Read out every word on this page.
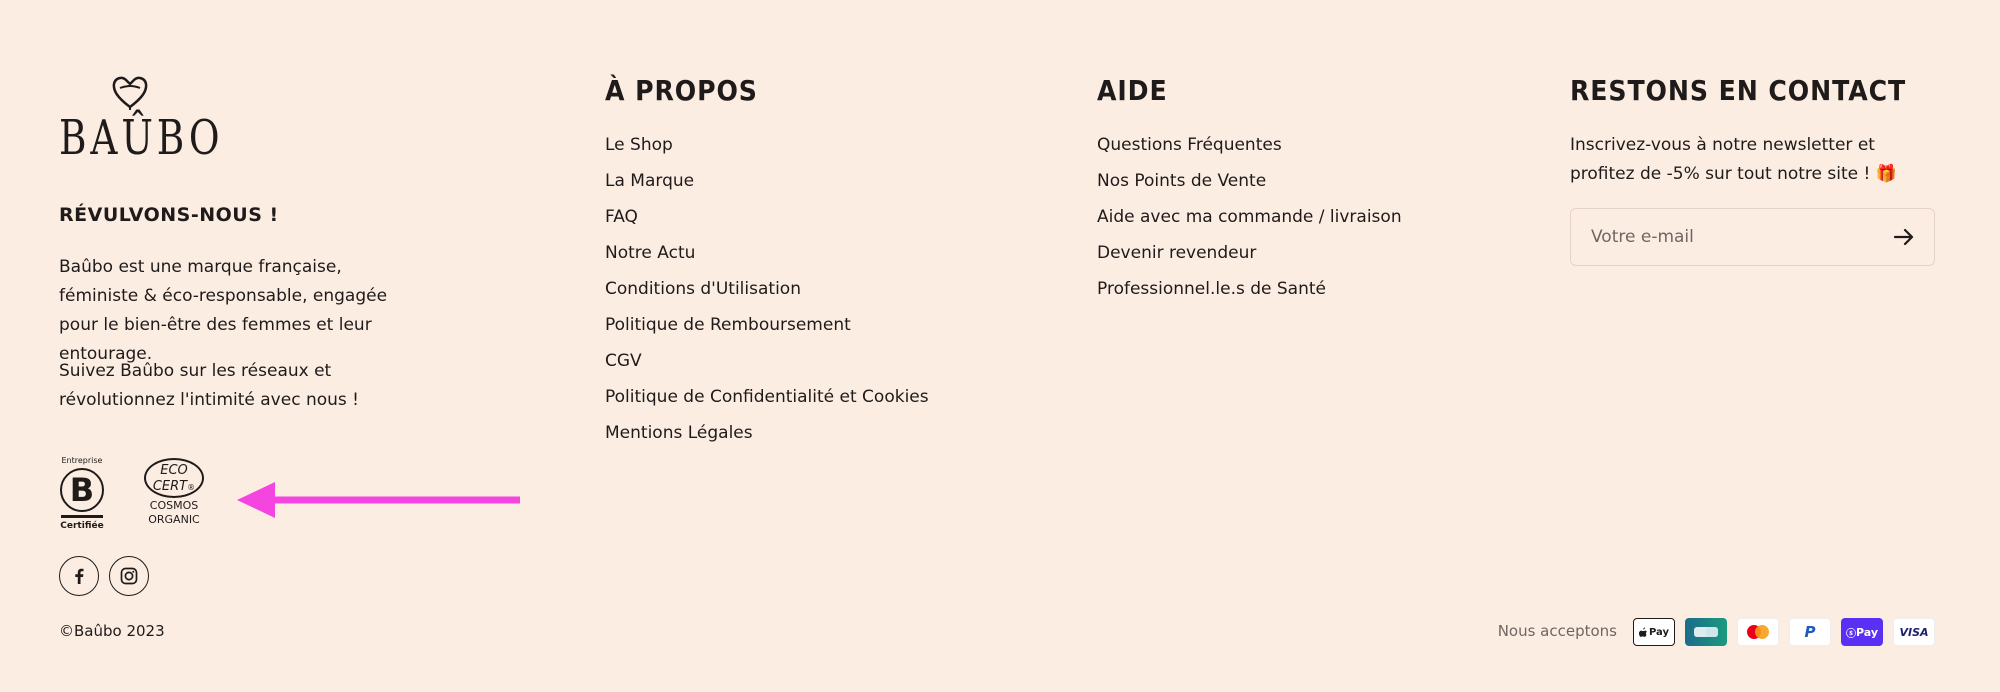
BAÛBO
RÉVULVONS-NOUS !

Baûbo est une marque française, féministe & éco-responsable, engagée pour le bien-être des femmes et leur entourage.

Suivez Baûbo sur les réseaux et révolutionnez l'intimité avec nous !

Entreprise
B
Certifiée
ECO
CERT®
COSMOS
ORGANIC
©Baûbo 2023
À PROPOS
Le Shop
La Marque
FAQ
Notre Actu
Conditions d'Utilisation
Politique de Remboursement
CGV
Politique de Confidentialité et Cookies
Mentions Légales
AIDE
Questions Fréquentes
Nos Points de Vente
Aide avec ma commande / livraison
Devenir revendeur
Professionnel.le.s de Santé
RESTONS EN CONTACT

Inscrivez-vous à notre newsletter et profitez de -5% sur tout notre site ! 🎁

Votre e-mail
Nous acceptons	Pay	P	ⓢ Pay VISA
